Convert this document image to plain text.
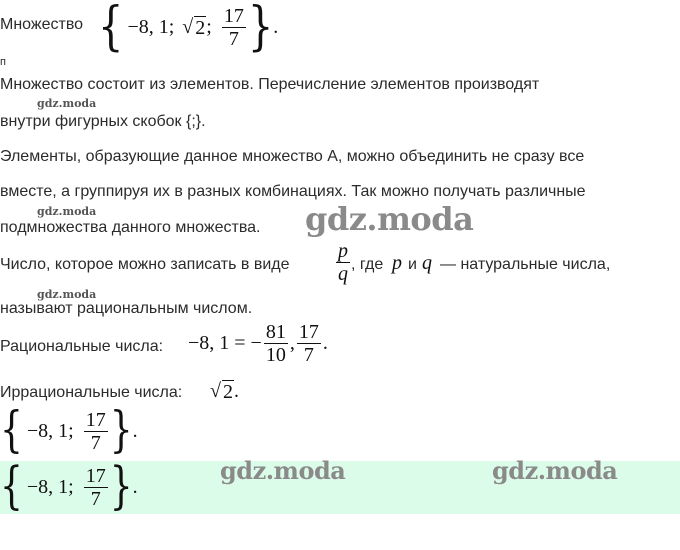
Множество { −8, 1; √ 2 ; $\frac{17}{7}$ } .
п
Множество состоит из элементов. Перечисление элементов производят
gdz.moda
внутри фигурных скобок {;}.
Элементы, образующие данное множество A, можно объединить не сразу все
вместе, а группируя их в разных комбинациях. Так можно получать различные
gdz.moda
подмножества данного множества. gdz.moda
Число, которое можно записать в виде $\frac{p}{q}$ , где p и q — натуральные числа,
gdz.moda
называют рациональным числом.
Рациональные числа: −8, 1 = − $\frac{81}{10}$ , $\frac{17}{7}$ .
Иррациональные числа: √ 2 .
{ −8, 1; $\frac{17}{7}$ } .
{ −8, 1; $\frac{17}{7}$ } .
gdz.moda	gdz.moda
